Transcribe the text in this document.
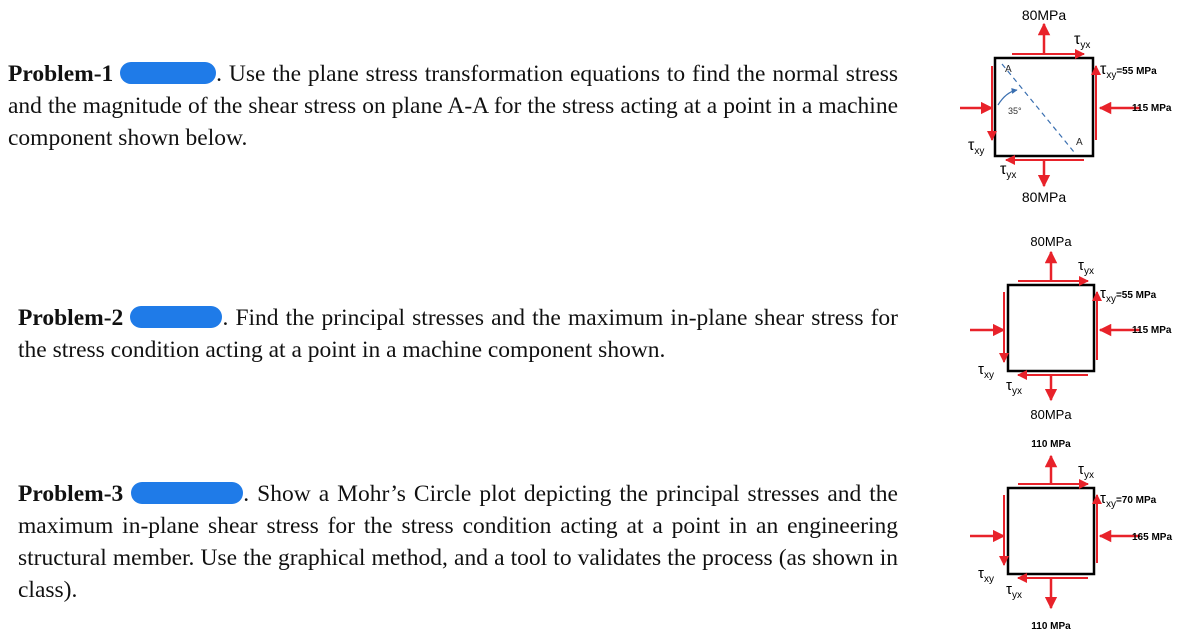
Problem-1	. Use the plane stress transformation equations to find the normal stress and the magnitude of the shear stress on plane A-A for the stress acting at a point in a machine component shown below.
Problem-2	. Find the principal stresses and the maximum in-plane shear stress for the stress condition acting at a point in a machine component shown.
Problem-3	. Show a Mohr’s Circle plot depicting the principal stresses and the maximum in-plane shear stress for the stress condition acting at a point in an engineering structural member. Use the graphical method, and a tool to validates the process (as shown in class).
80MPa
80MPa
$\tau_{yx}$
$\tau_{xy}^{=55 MPa}$
115 MPa
$\tau_{xy}$
$\tau_{yx}$
A
A
35°
80MPa
80MPa
$\tau_{yx}$
$\tau_{xy}^{=55 MPa}$
115 MPa
$\tau_{xy}$
$\tau_{yx}$
110 MPa
110 MPa
$\tau_{yx}$
$\tau_{xy}^{=70 MPa}$
165 MPa
$\tau_{xy}$
$\tau_{yx}$
